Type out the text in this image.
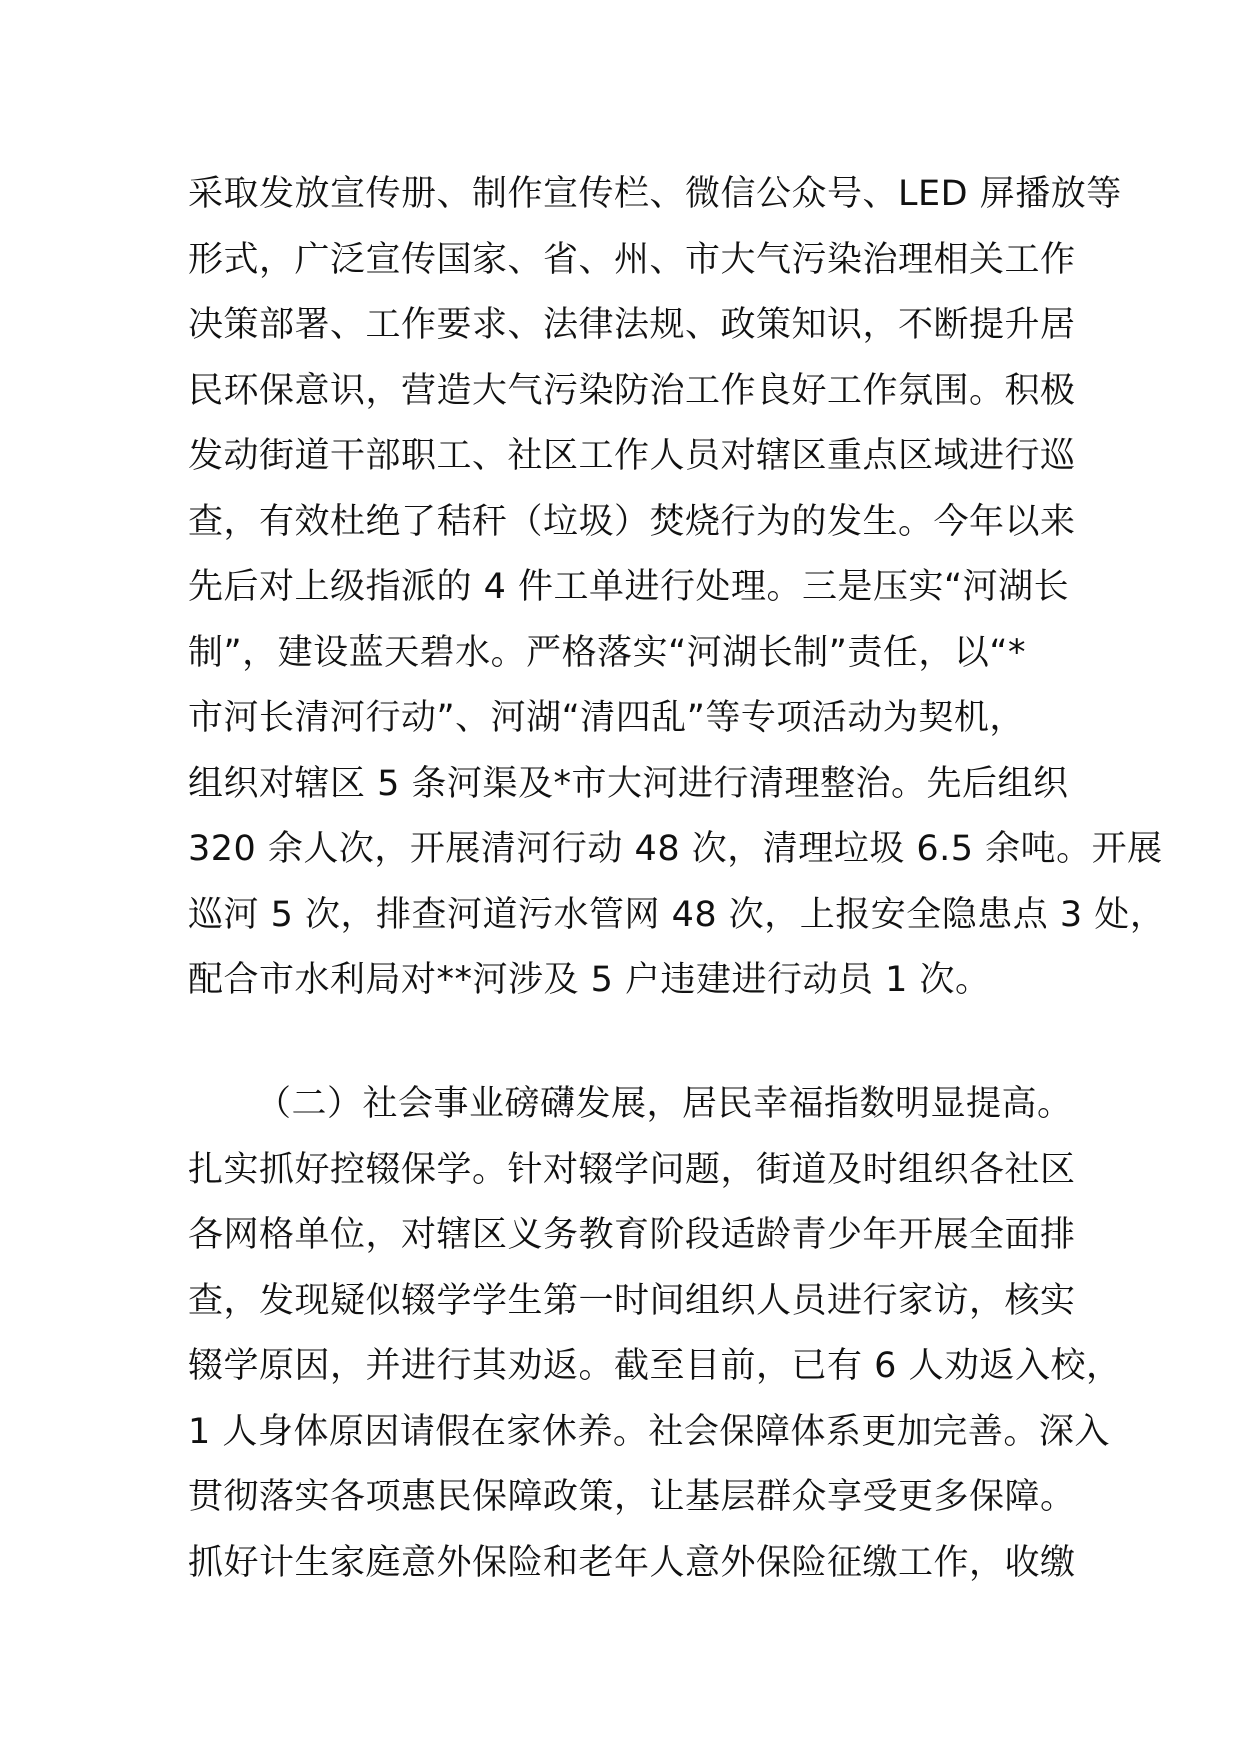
采取发放宣传册、制作宣传栏、微信公众号、LED 屏播放等
形式，广泛宣传国家、省、州、市大气污染治理相关工作
决策部署、工作要求、法律法规、政策知识，不断提升居
民环保意识，营造大气污染防治工作良好工作氛围。积极
发动街道干部职工、社区工作人员对辖区重点区域进行巡
查，有效杜绝了秸秆（垃圾）焚烧行为的发生。今年以来
先后对上级指派的 4 件工单进行处理。三是压实“河湖长
制”，建设蓝天碧水。严格落实“河湖长制”责任，以“*
市河长清河行动”、河湖“清四乱”等专项活动为契机，
组织对辖区 5 条河渠及*市大河进行清理整治。先后组织
320 余人次，开展清河行动 48 次，清理垃圾 6.5 余吨。开展
巡河 5 次，排查河道污水管网 48 次，上报安全隐患点 3 处，
配合市水利局对**河涉及 5 户违建进行动员 1 次。
（二）社会事业磅礴发展，居民幸福指数明显提高。
扎实抓好控辍保学。针对辍学问题，街道及时组织各社区
各网格单位，对辖区义务教育阶段适龄青少年开展全面排
查，发现疑似辍学学生第一时间组织人员进行家访，核实
辍学原因，并进行其劝返。截至目前，已有 6 人劝返入校，
1 人身体原因请假在家休养。社会保障体系更加完善。深入
贯彻落实各项惠民保障政策，让基层群众享受更多保障。
抓好计生家庭意外保险和老年人意外保险征缴工作，收缴
